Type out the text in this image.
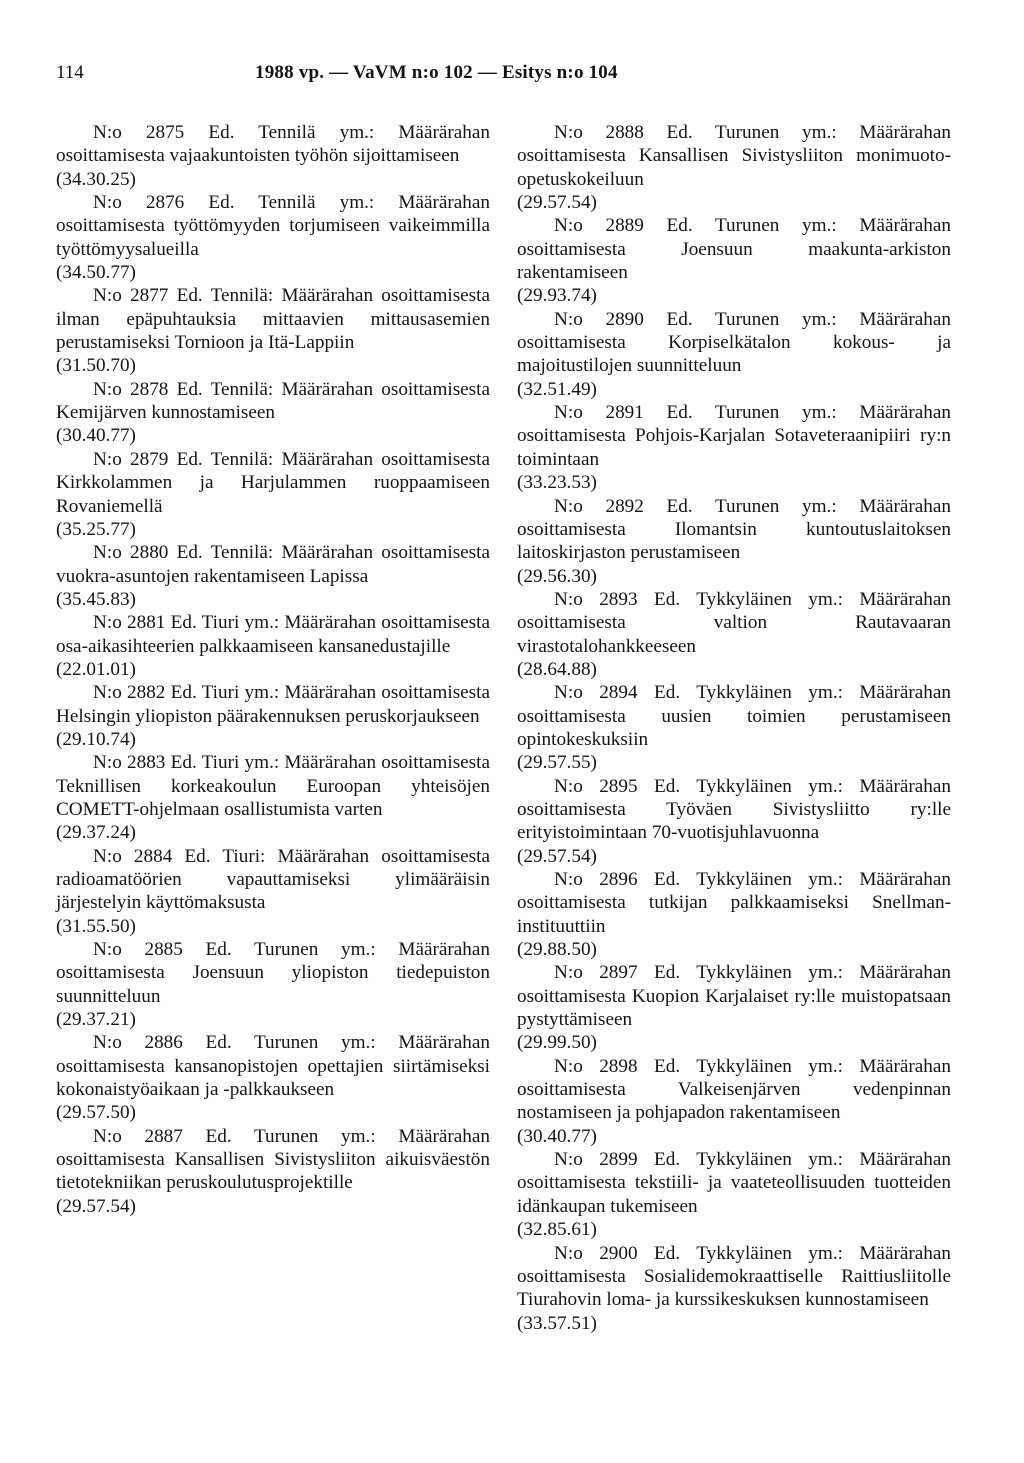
114	1988 vp. — VaVM n:o 102 — Esitys n:o 104

N:o 2875 Ed. Tennilä ym.: Määrärahan osoittamisesta vajaakuntoisten työhön sijoittamiseen

(34.30.25)

N:o 2876 Ed. Tennilä ym.: Määrärahan osoittamisesta työttömyyden torjumiseen vaikeimmilla työttömyysalueilla

(34.50.77)

N:o 2877 Ed. Tennilä: Määrärahan osoittamisesta ilman epäpuhtauksia mittaavien mittausasemien perustamiseksi Tornioon ja Itä-Lappiin

(31.50.70)

N:o 2878 Ed. Tennilä: Määrärahan osoittamisesta Kemijärven kunnostamiseen

(30.40.77)

N:o 2879 Ed. Tennilä: Määrärahan osoittamisesta Kirkkolammen ja Harjulammen ruoppaamiseen Rovaniemellä

(35.25.77)

N:o 2880 Ed. Tennilä: Määrärahan osoittamisesta vuokra-asuntojen rakentamiseen Lapissa

(35.45.83)

N:o 2881 Ed. Tiuri ym.: Määrärahan osoittamisesta osa-aikasihteerien palkkaamiseen kansanedustajille

(22.01.01)

N:o 2882 Ed. Tiuri ym.: Määrärahan osoittamisesta Helsingin yliopiston päärakennuksen peruskorjaukseen

(29.10.74)

N:o 2883 Ed. Tiuri ym.: Määrärahan osoittamisesta Teknillisen korkeakoulun Euroopan yhteisöjen COMETT-ohjelmaan osallistumista varten

(29.37.24)

N:o 2884 Ed. Tiuri: Määrärahan osoittamisesta radioamatöörien vapauttamiseksi ylimääräisin järjestelyin käyttömaksusta

(31.55.50)

N:o 2885 Ed. Turunen ym.: Määrärahan osoittamisesta Joensuun yliopiston tiedepuiston suunnitteluun

(29.37.21)

N:o 2886 Ed. Turunen ym.: Määrärahan osoittamisesta kansanopistojen opettajien siirtämiseksi kokonaistyöaikaan ja -palkkaukseen

(29.57.50)

N:o 2887 Ed. Turunen ym.: Määrärahan osoittamisesta Kansallisen Sivistysliiton aikuisväestön tietotekniikan peruskoulutusprojektille

(29.57.54)

N:o 2888 Ed. Turunen ym.: Määrärahan osoittamisesta Kansallisen Sivistysliiton monimuoto-opetuskokeiluun

(29.57.54)

N:o 2889 Ed. Turunen ym.: Määrärahan osoittamisesta Joensuun maakunta-arkiston rakentamiseen

(29.93.74)

N:o 2890 Ed. Turunen ym.: Määrärahan osoittamisesta Korpiselkätalon kokous- ja majoitustilojen suunnitteluun

(32.51.49)

N:o 2891 Ed. Turunen ym.: Määrärahan osoittamisesta Pohjois-Karjalan Sotaveteraanipiiri ry:n toimintaan

(33.23.53)

N:o 2892 Ed. Turunen ym.: Määrärahan osoittamisesta Ilomantsin kuntoutuslaitoksen laitoskirjaston perustamiseen

(29.56.30)

N:o 2893 Ed. Tykkyläinen ym.: Määrärahan osoittamisesta valtion Rautavaaran virastotalohankkeeseen

(28.64.88)

N:o 2894 Ed. Tykkyläinen ym.: Määrärahan osoittamisesta uusien toimien perustamiseen opintokeskuksiin

(29.57.55)

N:o 2895 Ed. Tykkyläinen ym.: Määrärahan osoittamisesta Työväen Sivistysliitto ry:lle erityistoimintaan 70-vuotisjuhlavuonna

(29.57.54)

N:o 2896 Ed. Tykkyläinen ym.: Määrärahan osoittamisesta tutkijan palkkaamiseksi Snellman-instituuttiin

(29.88.50)

N:o 2897 Ed. Tykkyläinen ym.: Määrärahan osoittamisesta Kuopion Karjalaiset ry:lle muistopatsaan pystyttämiseen

(29.99.50)

N:o 2898 Ed. Tykkyläinen ym.: Määrärahan osoittamisesta Valkeisenjärven vedenpinnan nostamiseen ja pohjapadon rakentamiseen

(30.40.77)

N:o 2899 Ed. Tykkyläinen ym.: Määrärahan osoittamisesta tekstiili- ja vaateteollisuuden tuotteiden idänkaupan tukemiseen

(32.85.61)

N:o 2900 Ed. Tykkyläinen ym.: Määrärahan osoittamisesta Sosialidemokraattiselle Raittiusliitolle Tiurahovin loma- ja kurssikeskuksen kunnostamiseen

(33.57.51)
